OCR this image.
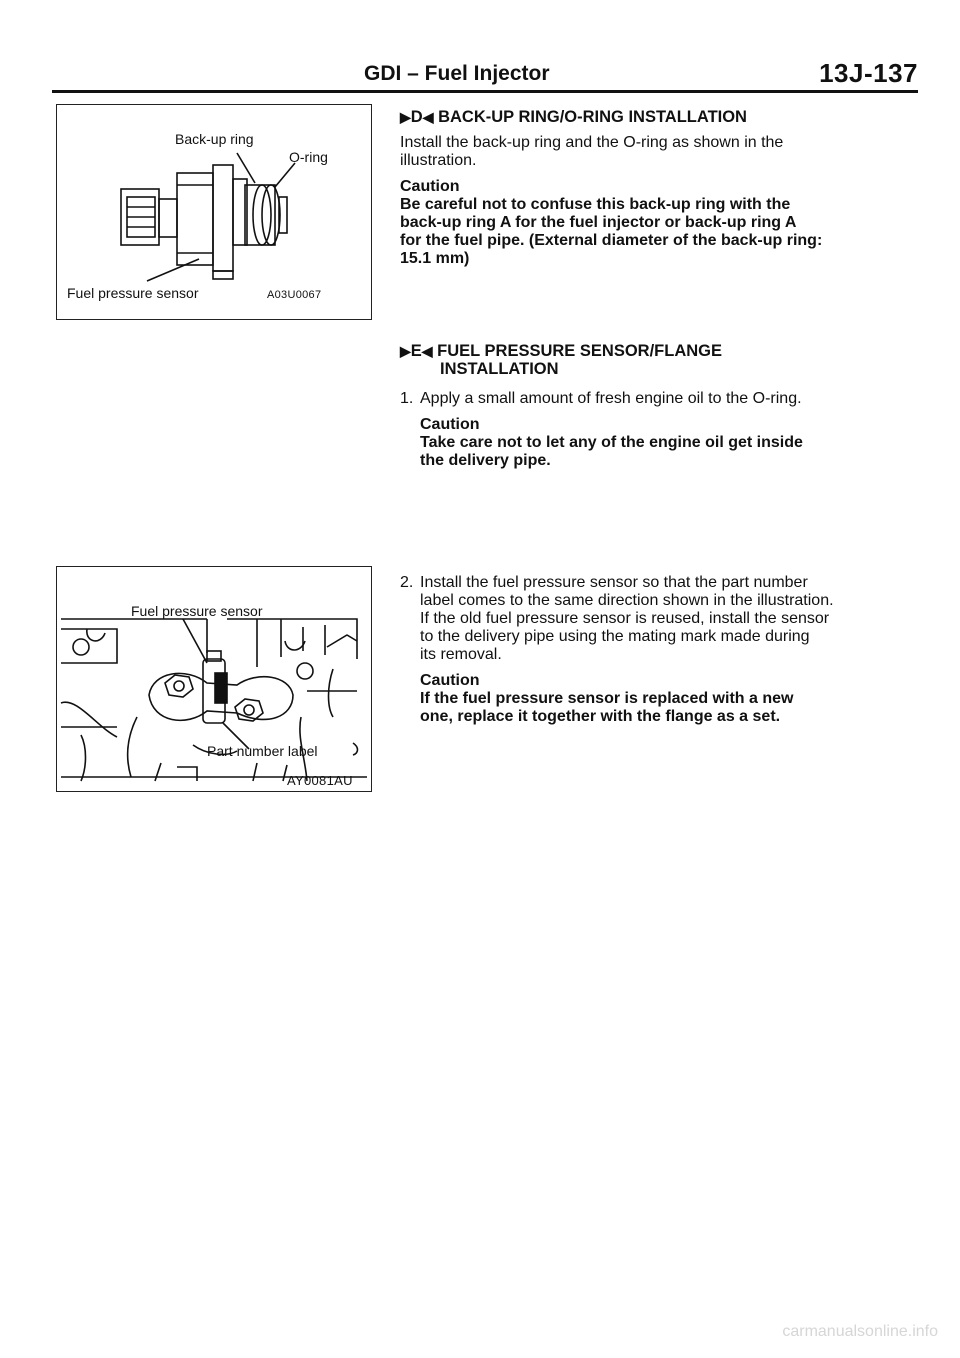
GDI – Fuel Injector	13J-137
Back-up ring
O-ring
Fuel pressure sensor	A03U0067
Fuel pressure sensor
Part number label
AY0081AU
▶D◀ BACK-UP RING/O-RING INSTALLATION
Install the back-up ring and the O-ring as shown in the
illustration.
Caution
Be careful not to confuse this back-up ring with the
back-up ring A for the fuel injector or back-up ring A
for the fuel pipe. (External diameter of the back-up ring:
15.1 mm)
▶E◀ FUEL PRESSURE SENSOR/FLANGE
INSTALLATION
1. Apply a small amount of fresh engine oil to the O-ring.
Caution
Take care not to let any of the engine oil get inside
the delivery pipe.
2. Install the fuel pressure sensor so that the part number
label comes to the same direction shown in the illustration.
If the old fuel pressure sensor is reused, install the sensor
to the delivery pipe using the mating mark made during
its removal.
Caution
If the fuel pressure sensor is replaced with a new
one, replace it together with the flange as a set.
carmanualsonline.info
